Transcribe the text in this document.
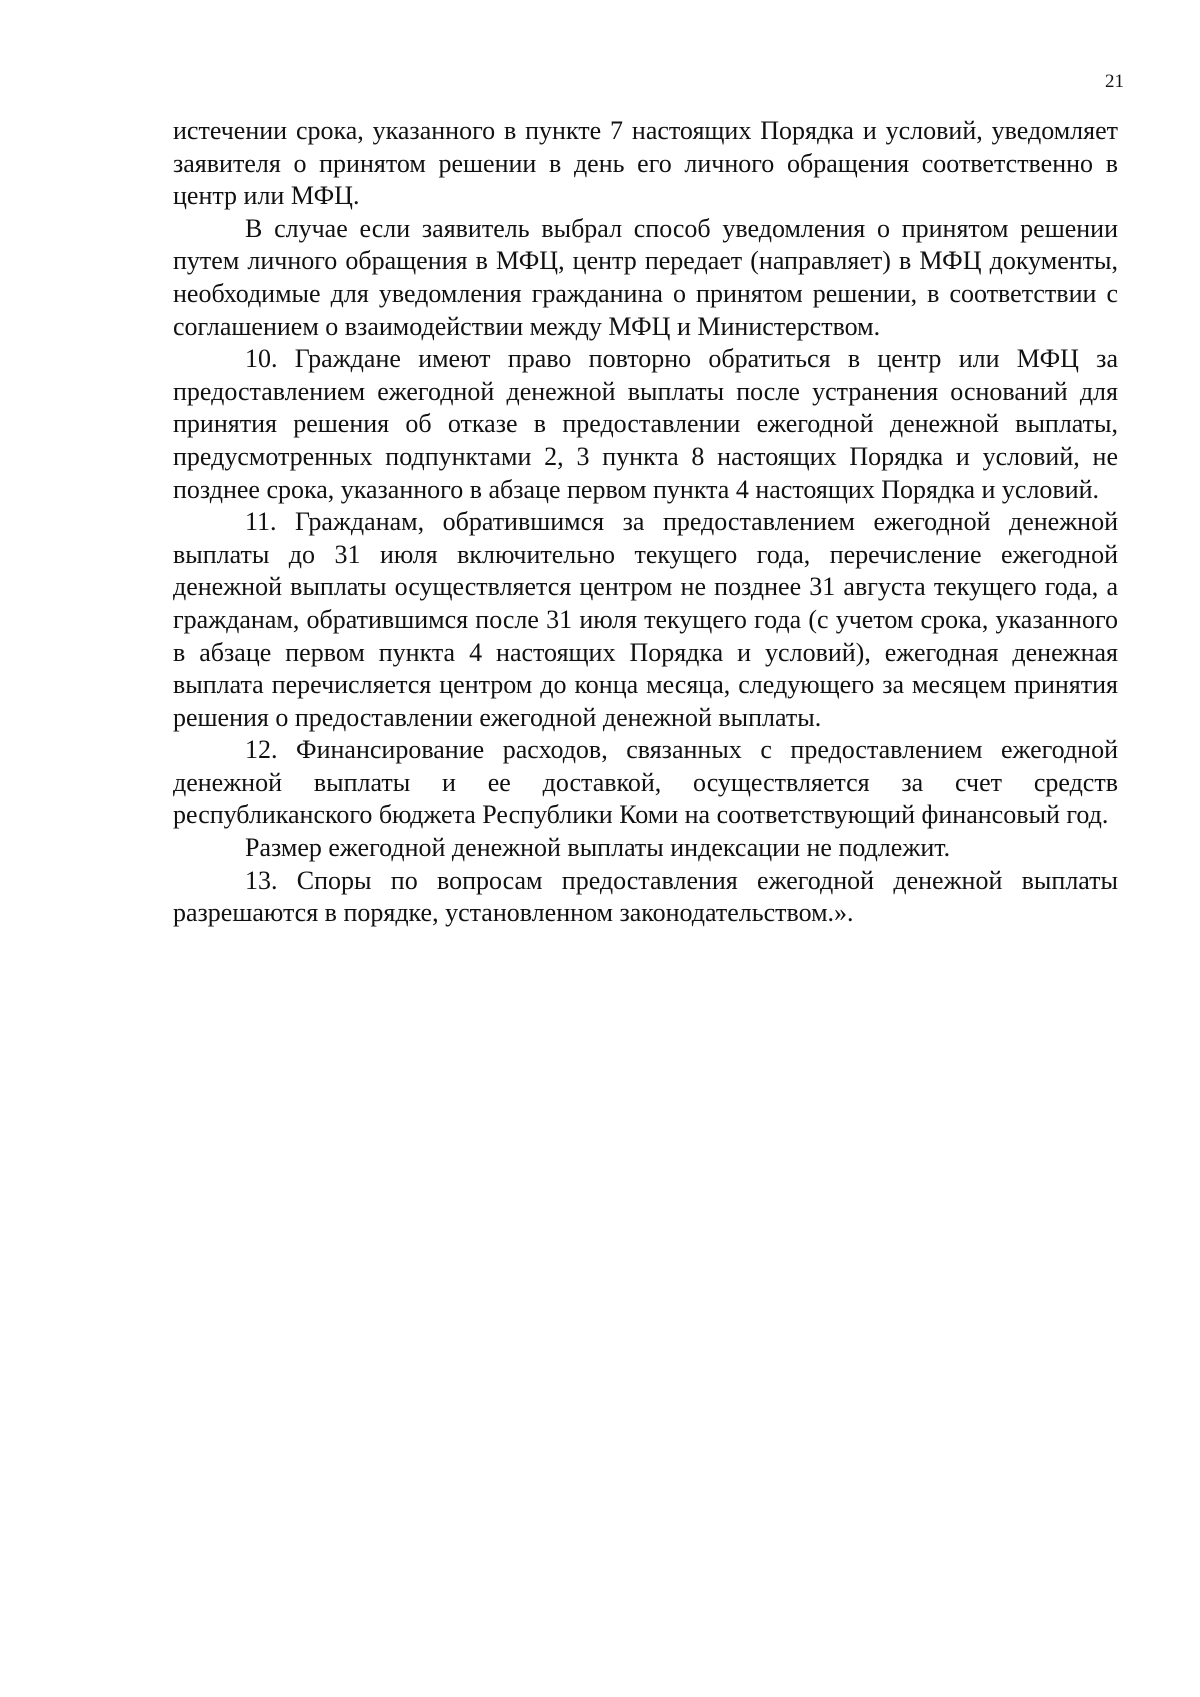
21

истечении срока, указанного в пункте 7 настоящих Порядка и условий, уведомляет заявителя о принятом решении в день его личного обращения соответственно в центр или МФЦ.

В случае если заявитель выбрал способ уведомления о принятом решении путем личного обращения в МФЦ, центр передает (направляет) в МФЦ документы, необходимые для уведомления гражданина о принятом решении, в соответствии с соглашением о взаимодействии между МФЦ и Министерством.

10. Граждане имеют право повторно обратиться в центр или МФЦ за предоставлением ежегодной денежной выплаты после устранения оснований для принятия решения об отказе в предоставлении ежегодной денежной выплаты, предусмотренных подпунктами 2, 3 пункта 8 настоящих Порядка и условий, не позднее срока, указанного в абзаце первом пункта 4 настоящих Порядка и условий.

11. Гражданам, обратившимся за предоставлением ежегодной денежной выплаты до 31 июля включительно текущего года, перечисление ежегодной денежной выплаты осуществляется центром не позднее 31 августа текущего года, а гражданам, обратившимся после 31 июля текущего года (с учетом срока, указанного в абзаце первом пункта 4 настоящих Порядка и условий), ежегодная денежная выплата перечисляется центром до конца месяца, следующего за месяцем принятия решения о предоставлении ежегодной денежной выплаты.

12. Финансирование расходов, связанных с предоставлением ежегодной денежной выплаты и ее доставкой, осуществляется за счет средств республиканского бюджета Республики Коми на соответствующий финансовый год.

Размер ежегодной денежной выплаты индексации не подлежит.

13. Споры по вопросам предоставления ежегодной денежной выплаты разрешаются в порядке, установленном законодательством.».
